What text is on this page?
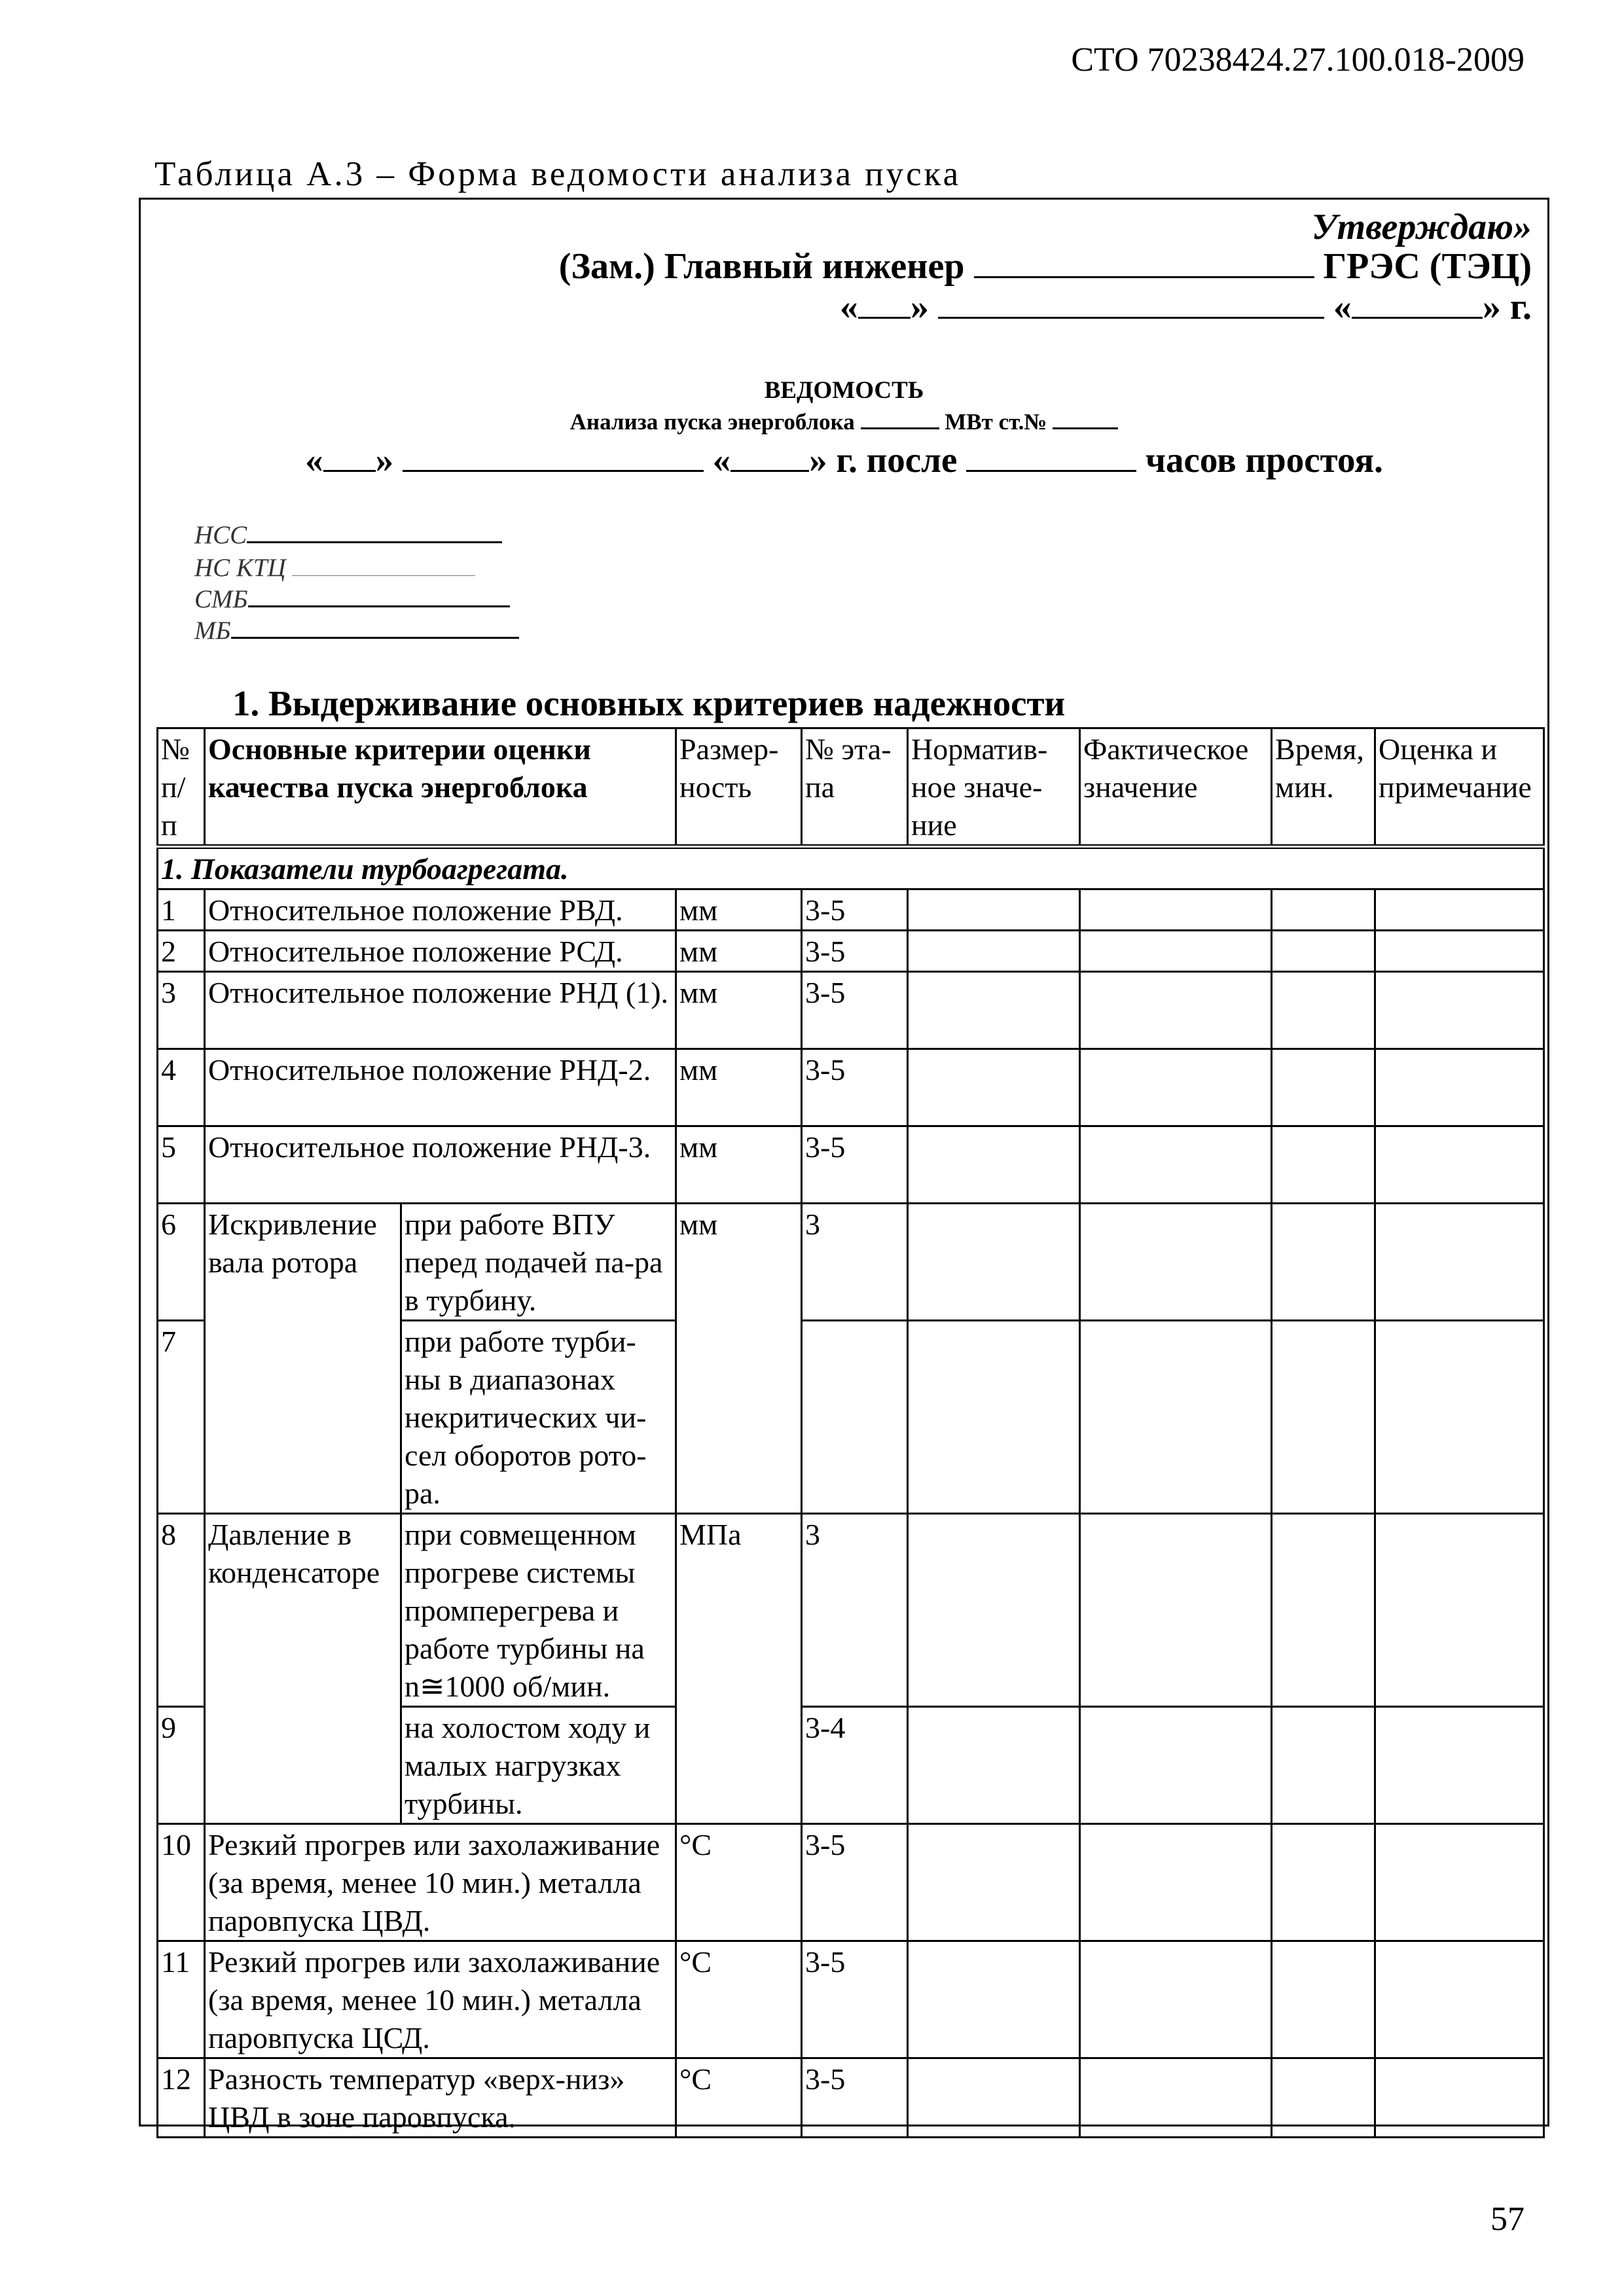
СТО 70238424.27.100.018-2009
Таблица А.3 – Форма ведомости анализа пуска
Утверждаю»
(Зам.) Главный инженер	ГРЭС (ТЭЦ)
« »	«	» г.
ВЕДОМОСТЬ
Анализа пуска энергоблока	МВт ст.№
« »	« » г. после	часов простоя.
НСС
НС КТЦ
СМБ
МБ
1. Выдерживание основных критериев надежности
№ п/п	Основные критерии оценки качества пуска энергоблока		Размер-ность	№ эта-па	Норматив-ное значе-ние	Фактическое значение	Время, мин.	Оценка и примечание
1. Показатели турбоагрегата.								
1	Относительное положение РВД.		мм	3-5				
2	Относительное положение РСД.		мм	3-5				
3	Относительное положение РНД (1).		мм	3-5				
4	Относительное положение РНД-2.		мм	3-5				
5	Относительное положение РНД-3.		мм	3-5				
6	Искривление вала ротора	при работе ВПУ перед подачей па-ра в турбину.	мм	3				
7		при работе турби-ны в диапазонах некритических чи-сел оборотов рото-ра.						
8	Давление в конденсаторе	при совмещенном прогреве системы промперегрева и работе турбины на n≅1000 об/мин.	МПа	3				
9		на холостом ходу и малых нагрузках турбины.		3-4				
10	Резкий прогрев или захолаживание (за время, менее 10 мин.) металла паровпуска ЦВД.		°С	3-5				
11	Резкий прогрев или захолаживание (за время, менее 10 мин.) металла паровпуска ЦСД.		°С	3-5				
12	Разность температур «верх-низ» ЦВД в зоне паровпуска.		°С	3-5				
57
